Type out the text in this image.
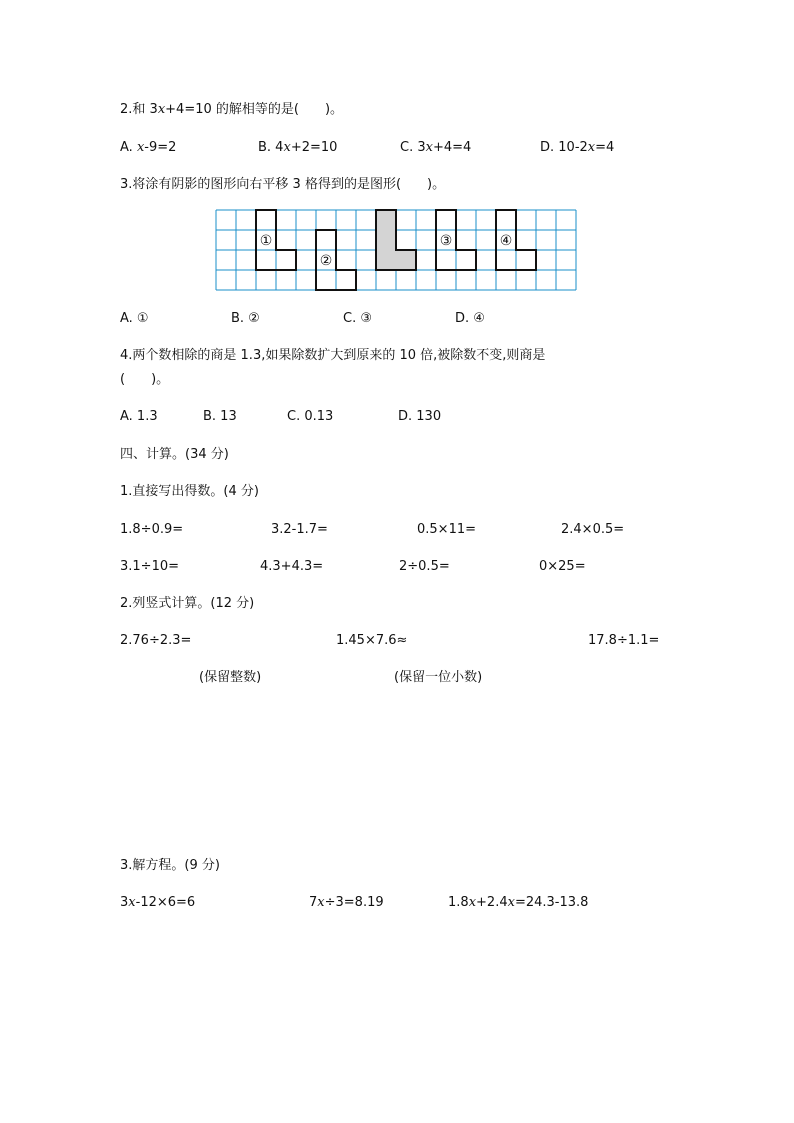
2.和 3x+4=10 的解相等的是(　　)。
A. x-9=2	B. 4x+2=10	C. 3x+4=4	D. 10-2x=4
3.将涂有阴影的图形向右平移 3 格得到的是图形(　　)。
①
②
③	④
A. ①	B. ②	C. ③	D. ④
4.两个数相除的商是 1.3,如果除数扩大到原来的 10 倍,被除数不变,则商是
(　　)。
A. 1.3	B. 13	C. 0.13	D. 130
四、计算。(34 分)
1.直接写出得数。(4 分)
1.8÷0.9=	3.2-1.7=	0.5×11=	2.4×0.5=
3.1÷10=	4.3+4.3=	2÷0.5=	0×25=
2.列竖式计算。(12 分)
2.76÷2.3=	1.45×7.6≈	17.8÷1.1=
(保留整数)	(保留一位小数)
3.解方程。(9 分)
3x-12×6=6	7x÷3=8.19	1.8x+2.4x=24.3-13.8
